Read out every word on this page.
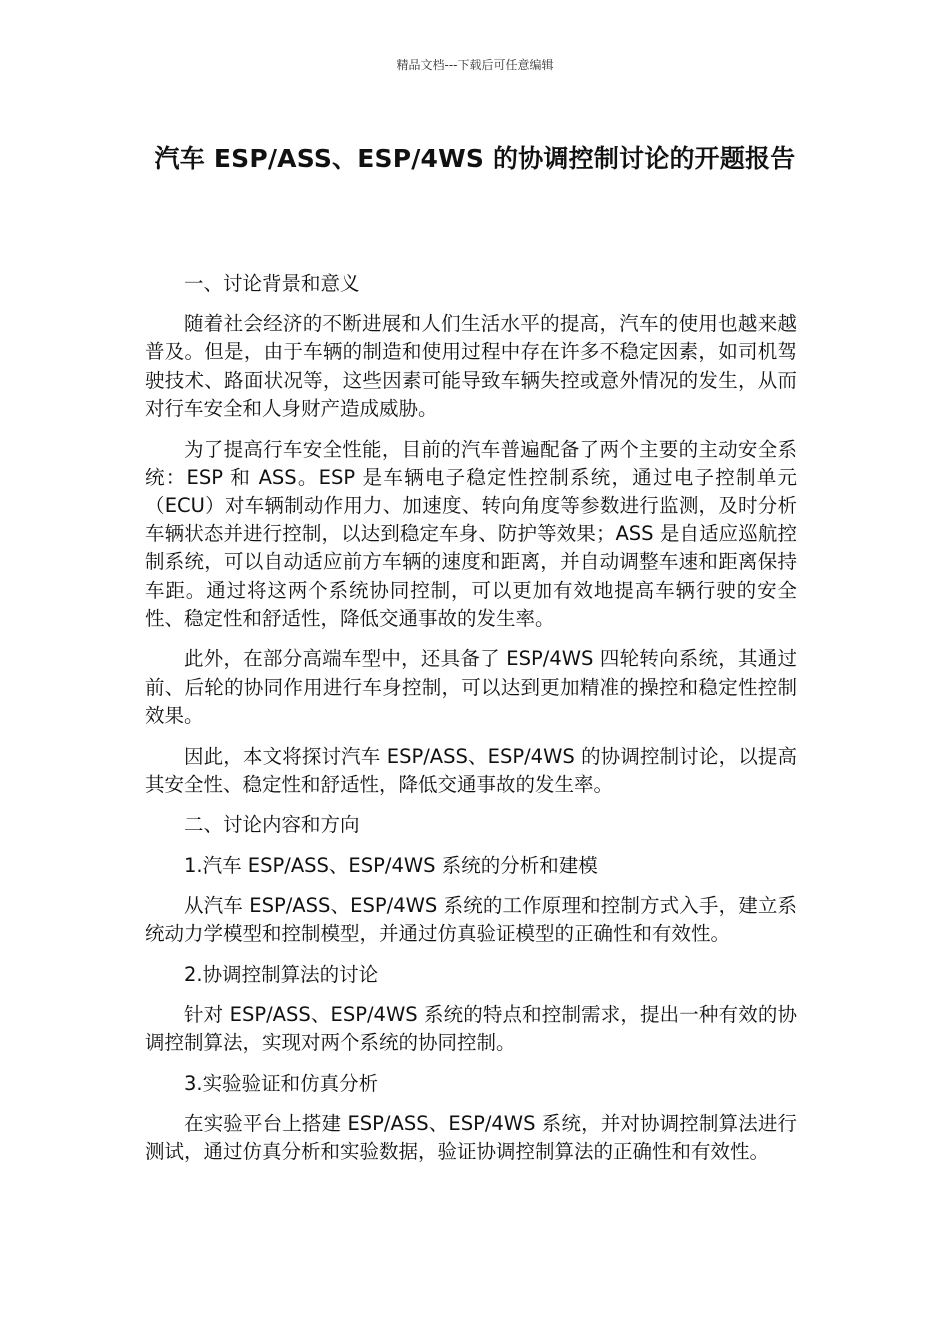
精品文档---下载后可任意编辑
汽车 ESP/ASS、ESP/4WS 的协调控制讨论的开题报告

一、讨论背景和意义

随着社会经济的不断进展和人们生活水平的提高，汽车的使用也越来越普及。但是，由于车辆的制造和使用过程中存在许多不稳定因素，如司机驾驶技术、路面状况等，这些因素可能导致车辆失控或意外情况的发生，从而对行车安全和人身财产造成威胁。

为了提高行车安全性能，目前的汽车普遍配备了两个主要的主动安全系统：ESP 和 ASS。ESP 是车辆电子稳定性控制系统，通过电子控制单元（ECU）对车辆制动作用力、加速度、转向角度等参数进行监测，及时分析车辆状态并进行控制，以达到稳定车身、防护等效果；ASS 是自适应巡航控制系统，可以自动适应前方车辆的速度和距离，并自动调整车速和距离保持车距。通过将这两个系统协同控制，可以更加有效地提高车辆行驶的安全性、稳定性和舒适性，降低交通事故的发生率。

此外，在部分高端车型中，还具备了 ESP/4WS 四轮转向系统，其通过前、后轮的协同作用进行车身控制，可以达到更加精准的操控和稳定性控制效果。

因此，本文将探讨汽车 ESP/ASS、ESP/4WS 的协调控制讨论，以提高其安全性、稳定性和舒适性，降低交通事故的发生率。

二、讨论内容和方向

1.汽车 ESP/ASS、ESP/4WS 系统的分析和建模

从汽车 ESP/ASS、ESP/4WS 系统的工作原理和控制方式入手，建立系统动力学模型和控制模型，并通过仿真验证模型的正确性和有效性。

2.协调控制算法的讨论

针对 ESP/ASS、ESP/4WS 系统的特点和控制需求，提出一种有效的协调控制算法，实现对两个系统的协同控制。

3.实验验证和仿真分析

在实验平台上搭建 ESP/ASS、ESP/4WS 系统，并对协调控制算法进行测试，通过仿真分析和实验数据，验证协调控制算法的正确性和有效性。
